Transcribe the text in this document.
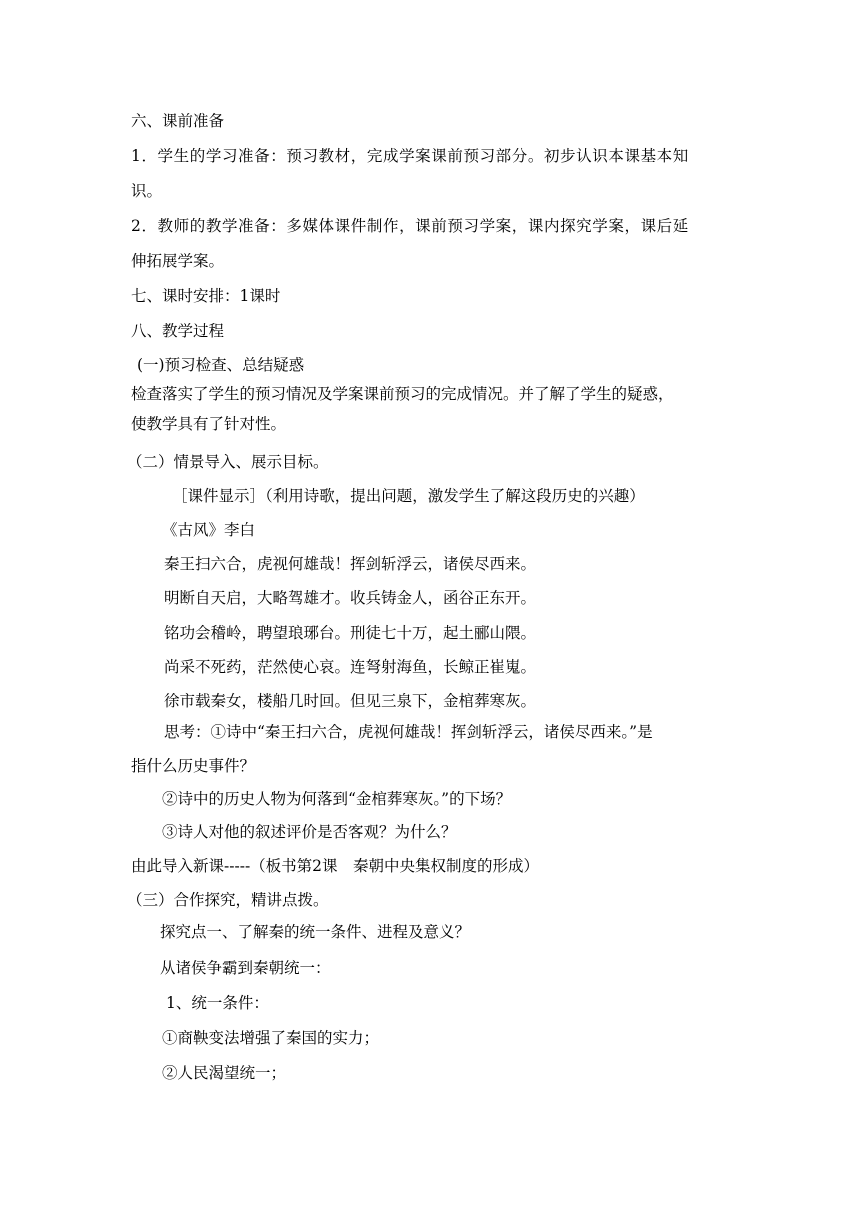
六、课前准备
1．学生的学习准备：预习教材，完成学案课前预习部分。初步认识本课基本知
识。
2．教师的教学准备：多媒体课件制作，课前预习学案，课内探究学案，课后延
伸拓展学案。
七、课时安排：1课时
八、教学过程
(一)预习检查、总结疑惑
检查落实了学生的预习情况及学案课前预习的完成情况。并了解了学生的疑惑，
使教学具有了针对性。
（二）情景导入、展示目标。
［课件显示］（利用诗歌，提出问题，激发学生了解这段历史的兴趣）
《古风》李白
秦王扫六合，虎视何雄哉！挥剑斩浮云，诸侯尽西来。
明断自天启，大略驾雄才。收兵铸金人，函谷正东开。
铭功会稽岭，聘望琅琊台。刑徒七十万，起土郦山隈。
尚采不死药，茫然使心哀。连弩射海鱼，长鲸正崔嵬。
徐市载秦女，楼船几时回。但见三泉下，金棺葬寒灰。
思考：①诗中“秦王扫六合，虎视何雄哉！挥剑斩浮云，诸侯尽西来。”是
指什么历史事件？
②诗中的历史人物为何落到“金棺葬寒灰。”的下场？
③诗人对他的叙述评价是否客观？为什么？
由此导入新课-----（板书第2课　秦朝中央集权制度的形成）
（三）合作探究，精讲点拨。
探究点一、了解秦的统一条件、进程及意义？
从诸侯争霸到秦朝统一：
1、统一条件：
①商鞅变法增强了秦国的实力；
②人民渴望统一；
